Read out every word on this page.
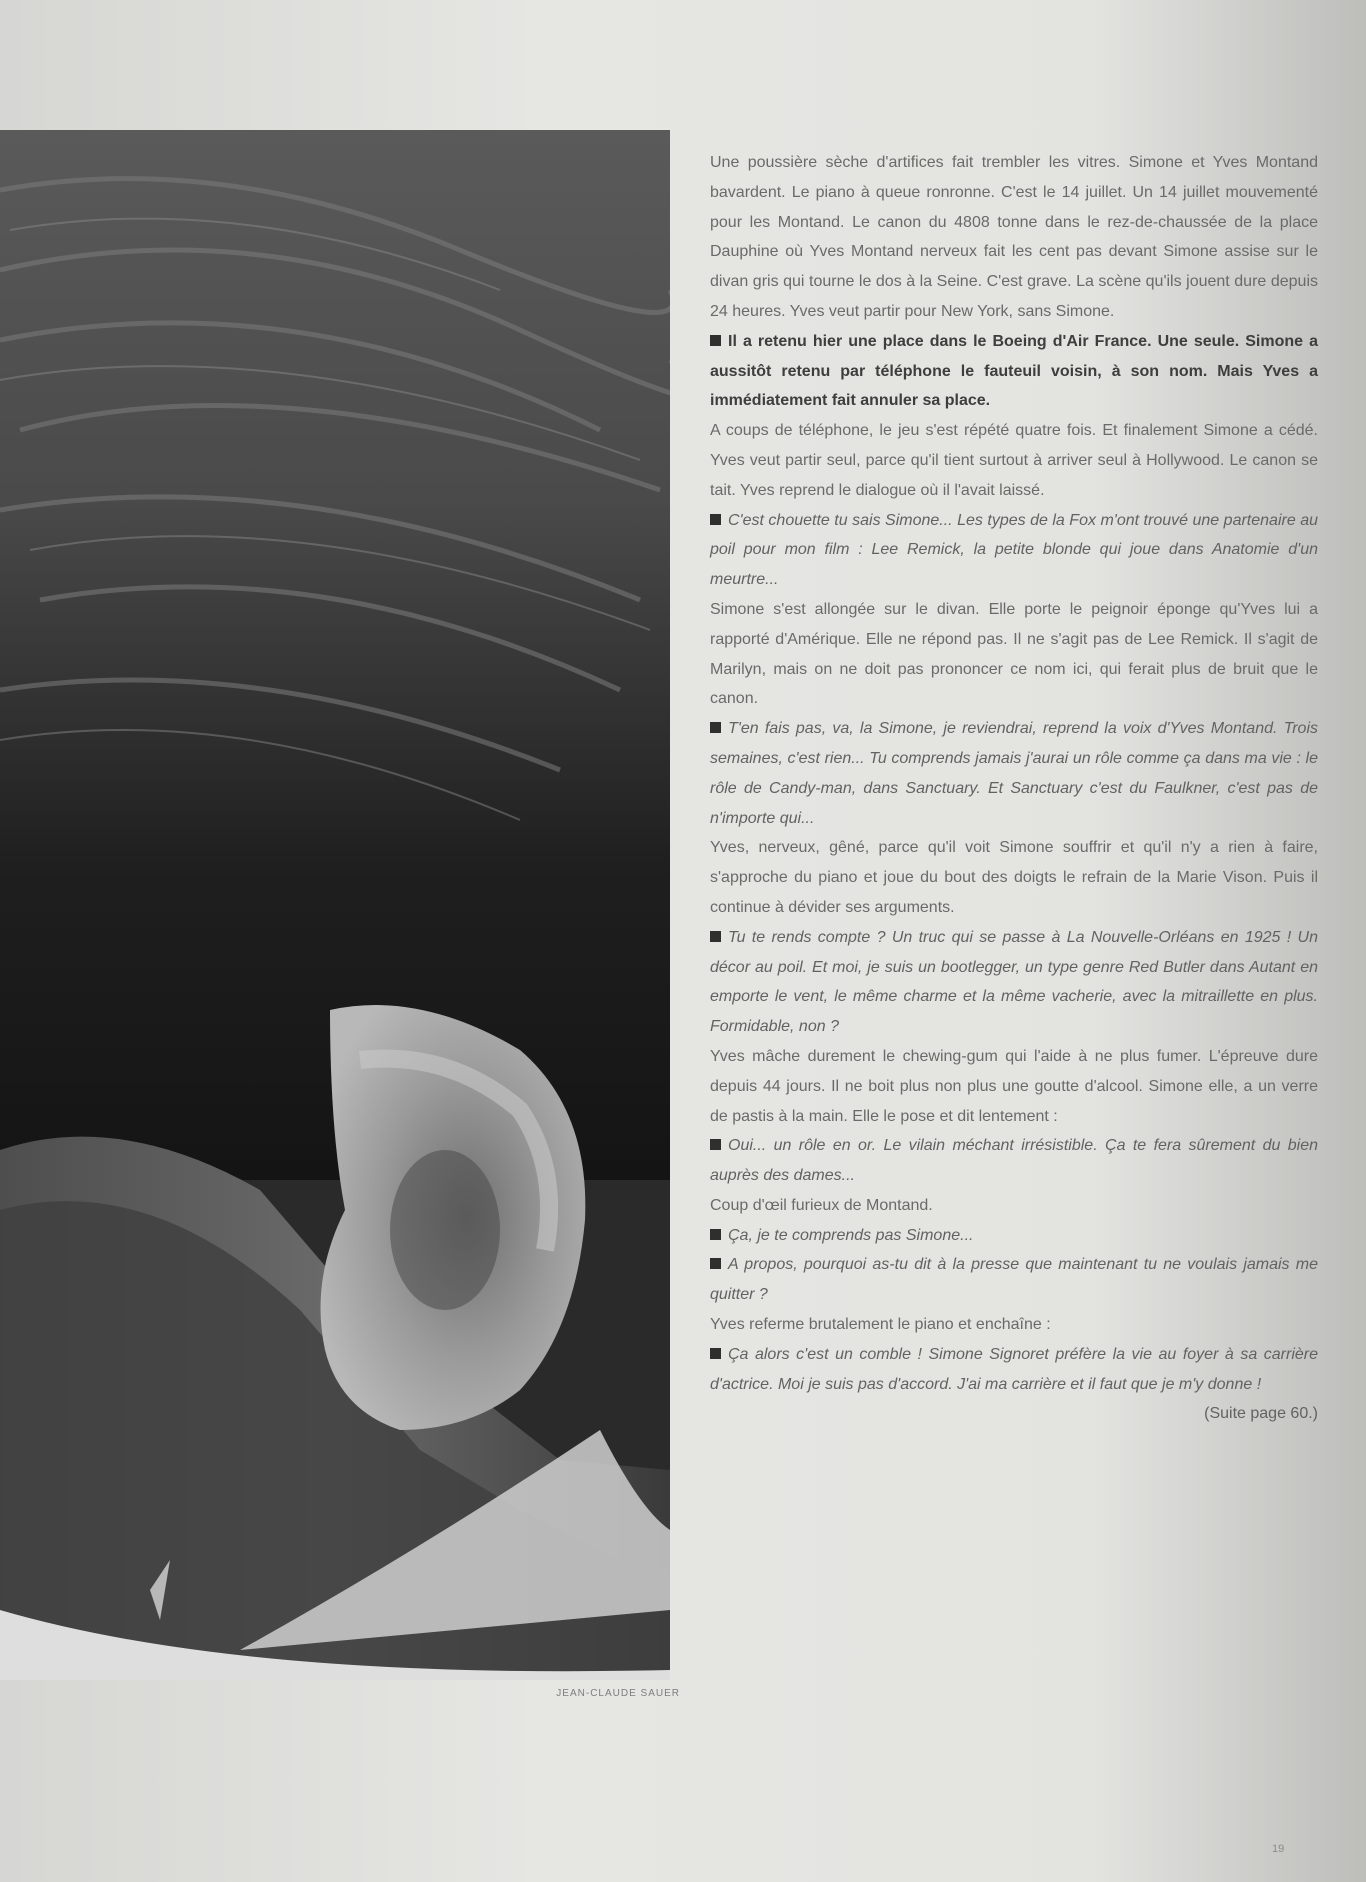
JEAN-CLAUDE SAUER

Une poussière sèche d'artifices fait trembler les vitres. Simone et Yves Montand bavardent. Le piano à queue ronronne. C'est le 14 juillet. Un 14 juillet mouvementé pour les Montand. Le canon du 4808 tonne dans le rez-de-chaussée de la place Dauphine où Yves Montand nerveux fait les cent pas devant Simone assise sur le divan gris qui tourne le dos à la Seine. C'est grave. La scène qu'ils jouent dure depuis 24 heures. Yves veut partir pour New York, sans Simone.

Il a retenu hier une place dans le Boeing d'Air France. Une seule. Simone a aussitôt retenu par téléphone le fauteuil voisin, à son nom. Mais Yves a immédiatement fait annuler sa place.

A coups de téléphone, le jeu s'est répété quatre fois. Et finalement Simone a cédé. Yves veut partir seul, parce qu'il tient surtout à arriver seul à Hollywood. Le canon se tait. Yves reprend le dialogue où il l'avait laissé.

C'est chouette tu sais Simone... Les types de la Fox m'ont trouvé une partenaire au poil pour mon film : Lee Remick, la petite blonde qui joue dans Anatomie d'un meurtre...

Simone s'est allongée sur le divan. Elle porte le peignoir éponge qu'Yves lui a rapporté d'Amérique. Elle ne répond pas. Il ne s'agit pas de Lee Remick. Il s'agit de Marilyn, mais on ne doit pas prononcer ce nom ici, qui ferait plus de bruit que le canon.

T'en fais pas, va, la Simone, je reviendrai, reprend la voix d'Yves Montand. Trois semaines, c'est rien... Tu comprends jamais j'aurai un rôle comme ça dans ma vie : le rôle de Candy-man, dans Sanctuary. Et Sanctuary c'est du Faulkner, c'est pas de n'importe qui...

Yves, nerveux, gêné, parce qu'il voit Simone souffrir et qu'il n'y a rien à faire, s'approche du piano et joue du bout des doigts le refrain de la Marie Vison. Puis il continue à dévider ses arguments.

Tu te rends compte ? Un truc qui se passe à La Nouvelle-Orléans en 1925 ! Un décor au poil. Et moi, je suis un bootlegger, un type genre Red Butler dans Autant en emporte le vent, le même charme et la même vacherie, avec la mitraillette en plus. Formidable, non ?

Yves mâche durement le chewing-gum qui l'aide à ne plus fumer. L'épreuve dure depuis 44 jours. Il ne boit plus non plus une goutte d'alcool. Simone elle, a un verre de pastis à la main. Elle le pose et dit lentement :

Oui... un rôle en or. Le vilain méchant irrésistible. Ça te fera sûrement du bien auprès des dames...

Coup d'œil furieux de Montand.

Ça, je te comprends pas Simone...

A propos, pourquoi as-tu dit à la presse que maintenant tu ne voulais jamais me quitter ?

Yves referme brutalement le piano et enchaîne :

Ça alors c'est un comble ! Simone Signoret préfère la vie au foyer à sa carrière d'actrice. Moi je suis pas d'accord. J'ai ma carrière et il faut que je m'y donne !
(Suite page 60.)

19
